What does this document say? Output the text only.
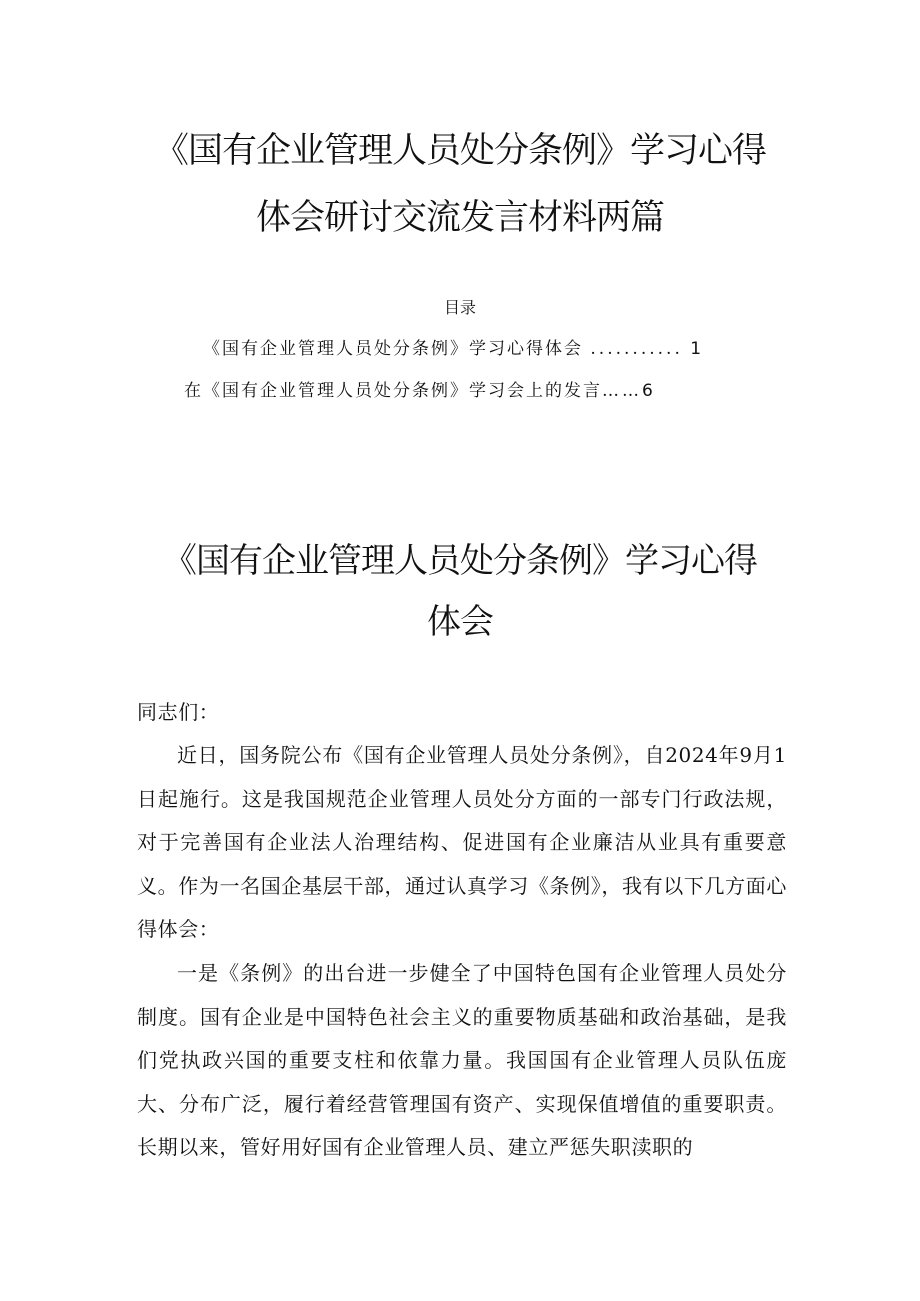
《国有企业管理人员处分条例》学习心得
体会研讨交流发言材料两篇
目录
《国有企业管理人员处分条例》学习心得体会 ........... 1
在《国有企业管理人员处分条例》学习会上的发言……6
《国有企业管理人员处分条例》学习心得
体会
同志们：
近日，国务院公布《国有企业管理人员处分条例》，自2024年9月1日起施行。这是我国规范企业管理人员处分方面的一部专门行政法规，对于完善国有企业法人治理结构、促进国有企业廉洁从业具有重要意义。作为一名国企基层干部，通过认真学习《条例》，我有以下几方面心得体会：
一是《条例》的出台进一步健全了中国特色国有企业管理人员处分制度。国有企业是中国特色社会主义的重要物质基础和政治基础，是我们党执政兴国的重要支柱和依靠力量。我国国有企业管理人员队伍庞大、分布广泛，履行着经营管理国有资产、实现保值增值的重要职责。长期以来，管好用好国有企业管理人员、建立严惩失职渎职的
